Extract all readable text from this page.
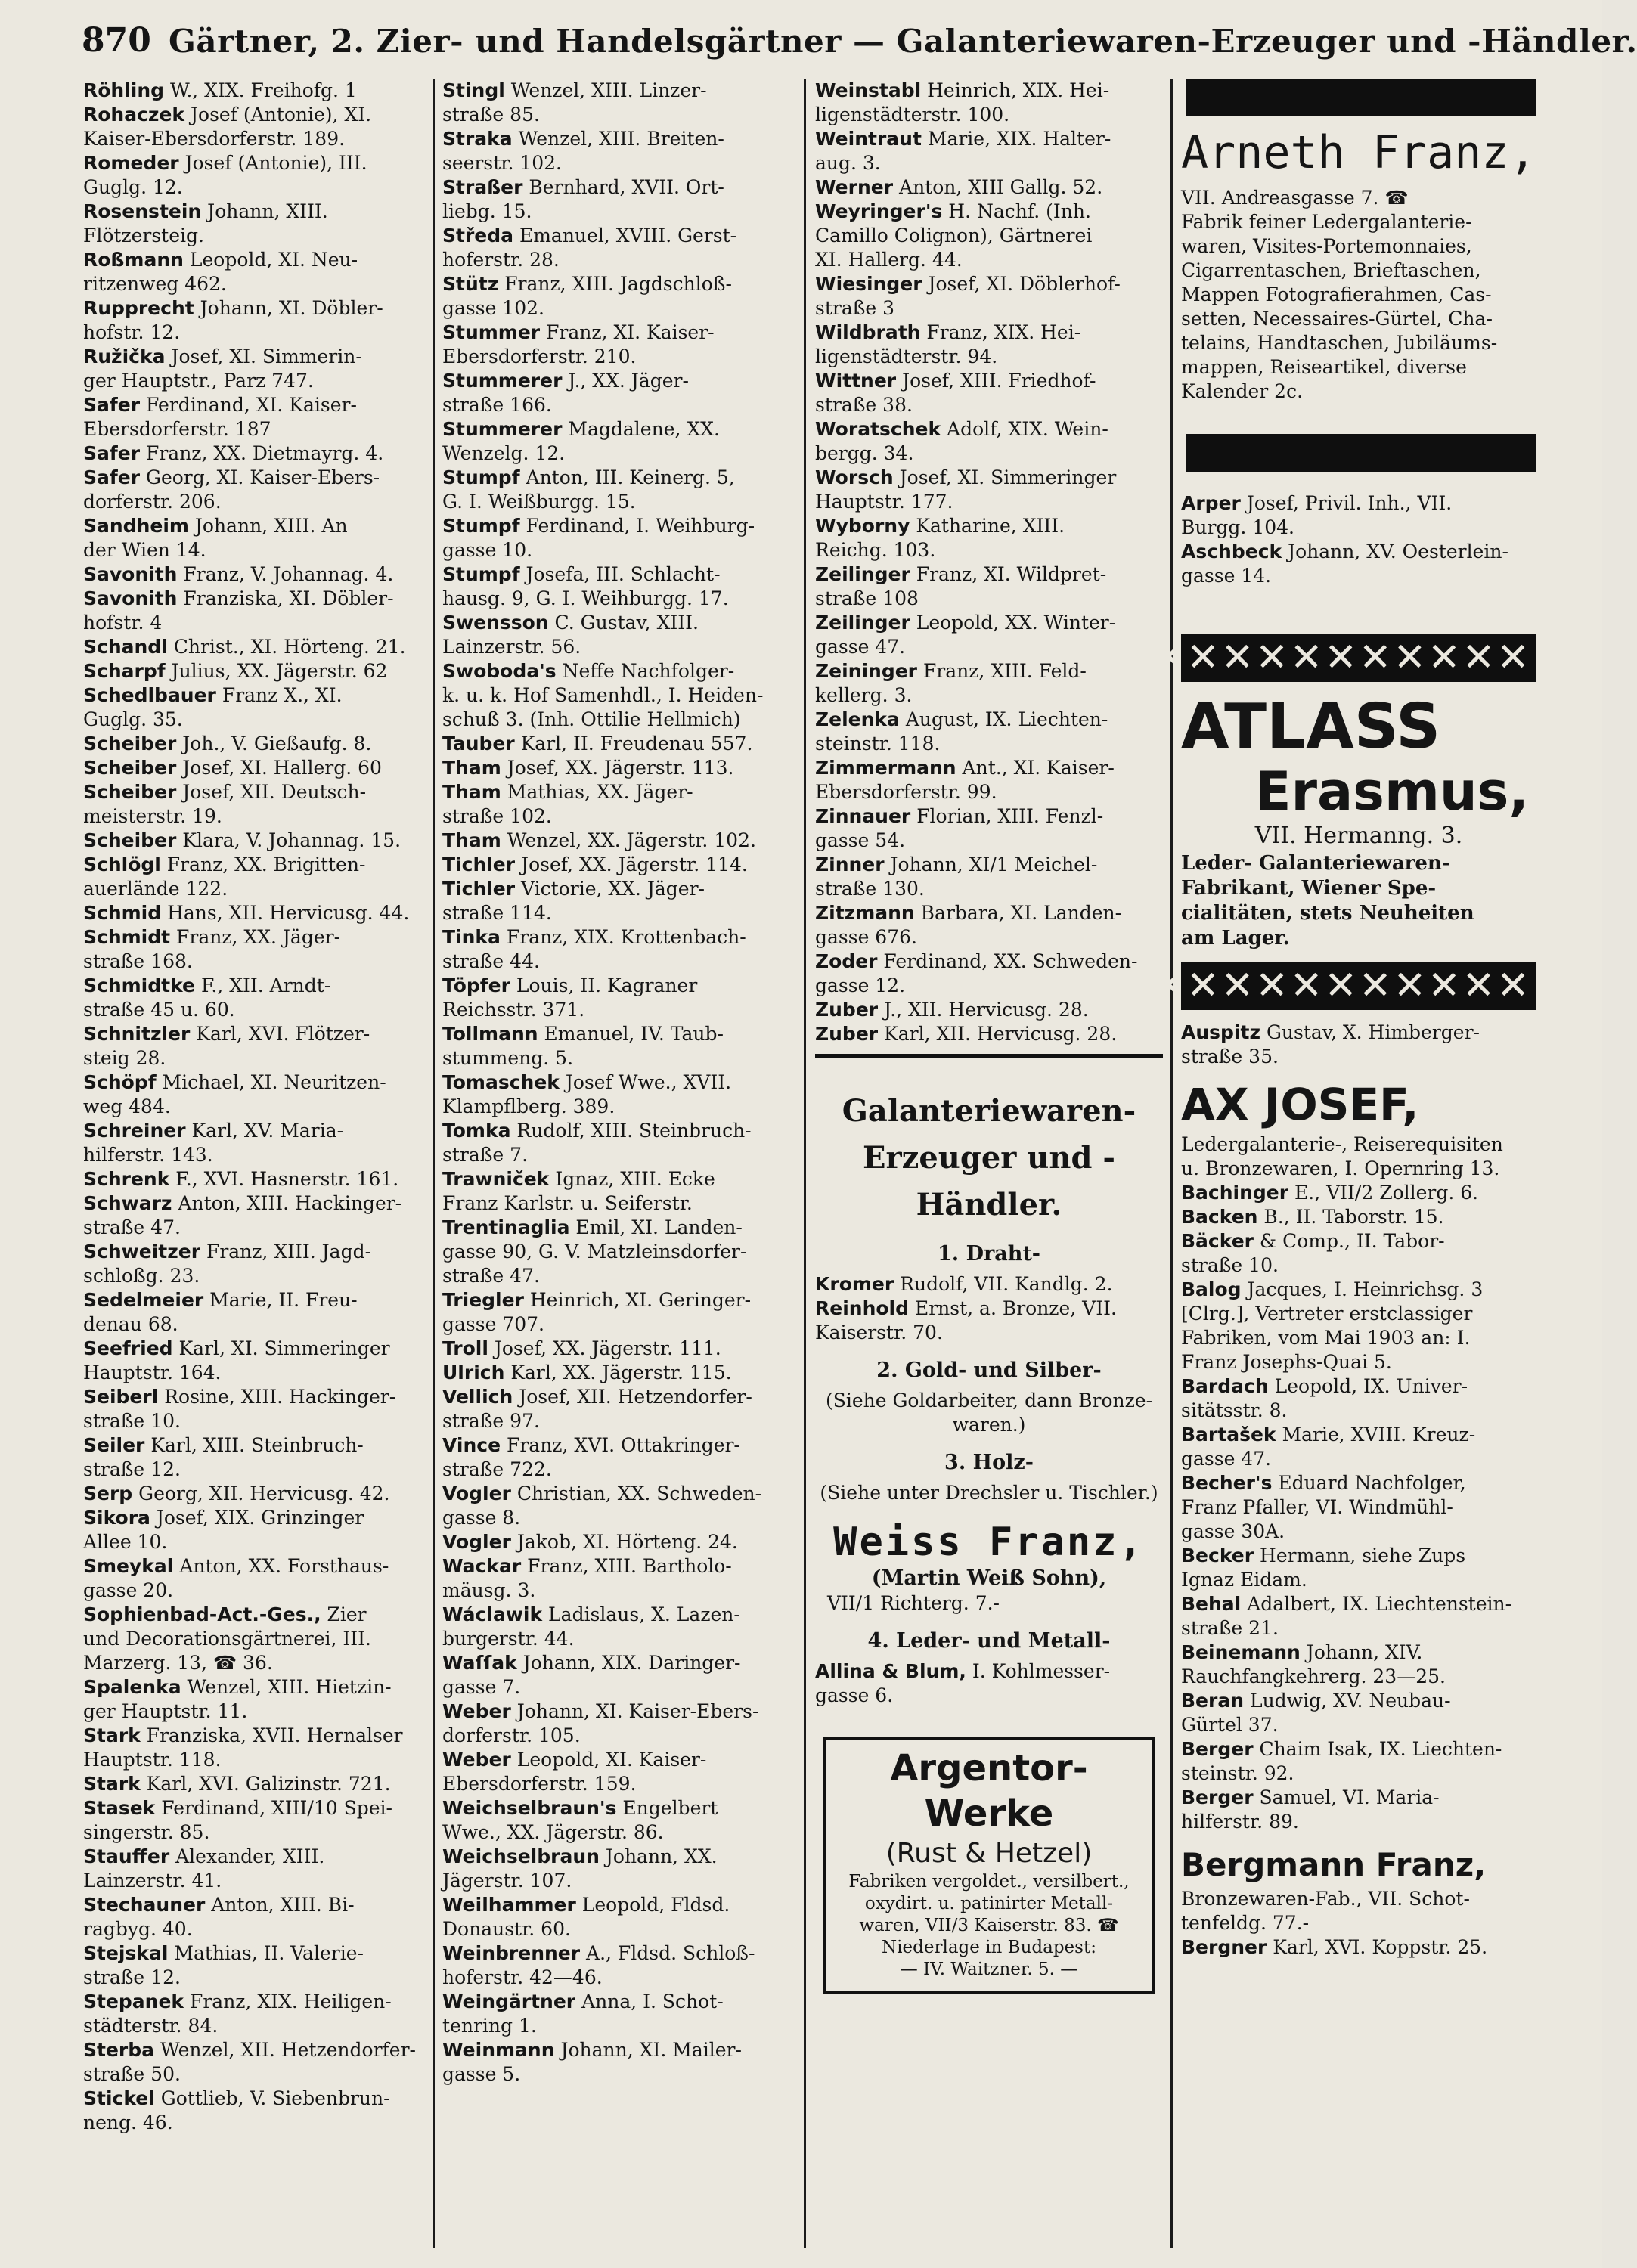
870 Gärtner, 2. Zier- und Handelsgärtner — Galanteriewaren-Erzeuger und -Händler.
Röhling W., XIX. Freihofg. 1
Rohaczek Josef (Antonie), XI.
Kaiser-Ebersdorferstr. 189.
Romeder Josef (Antonie), III.
Guglg. 12.
Rosenstein Johann, XIII.
Flötzersteig.
Roßmann Leopold, XI. Neu-
ritzenweg 462.
Rupprecht Johann, XI. Döbler-
hofstr. 12.
Ružička Josef, XI. Simmerin-
ger Hauptstr., Parz 747.
Safer Ferdinand, XI. Kaiser-
Ebersdorferstr. 187
Safer Franz, XX. Dietmayrg. 4.
Safer Georg, XI. Kaiser-Ebers-
dorferstr. 206.
Sandheim Johann, XIII. An
der Wien 14.
Savonith Franz, V. Johannag. 4.
Savonith Franziska, XI. Döbler-
hofstr. 4
Schandl Christ., XI. Hörteng. 21.
Scharpf Julius, XX. Jägerstr. 62
Schedlbauer Franz X., XI.
Guglg. 35.
Scheiber Joh., V. Gießaufg. 8.
Scheiber Josef, XI. Hallerg. 60
Scheiber Josef, XII. Deutsch-
meisterstr. 19.
Scheiber Klara, V. Johannag. 15.
Schlögl Franz, XX. Brigitten-
auerlände 122.
Schmid Hans, XII. Hervicusg. 44.
Schmidt Franz, XX. Jäger-
straße 168.
Schmidtke F., XII. Arndt-
straße 45 u. 60.
Schnitzler Karl, XVI. Flötzer-
steig 28.
Schöpf Michael, XI. Neuritzen-
weg 484.
Schreiner Karl, XV. Maria-
hilferstr. 143.
Schrenk F., XVI. Hasnerstr. 161.
Schwarz Anton, XIII. Hackinger-
straße 47.
Schweitzer Franz, XIII. Jagd-
schloßg. 23.
Sedelmeier Marie, II. Freu-
denau 68.
Seefried Karl, XI. Simmeringer
Hauptstr. 164.
Seiberl Rosine, XIII. Hackinger-
straße 10.
Seiler Karl, XIII. Steinbruch-
straße 12.
Serp Georg, XII. Hervicusg. 42.
Sikora Josef, XIX. Grinzinger
Allee 10.
Smeykal Anton, XX. Forsthaus-
gasse 20.
Sophienbad-Act.-Ges., Zier
und Decorationsgärtnerei, III.
Marzerg. 13, ☎ 36.
Spalenka Wenzel, XIII. Hietzin-
ger Hauptstr. 11.
Stark Franziska, XVII. Hernalser
Hauptstr. 118.
Stark Karl, XVI. Galizinstr. 721.
Stasek Ferdinand, XIII/10 Spei-
singerstr. 85.
Stauffer Alexander, XIII.
Lainzerstr. 41.
Stechauner Anton, XIII. Bi-
ragbyg. 40.
Stejskal Mathias, II. Valerie-
straße 12.
Stepanek Franz, XIX. Heiligen-
städterstr. 84.
Sterba Wenzel, XII. Hetzendorfer-
straße 50.
Stickel Gottlieb, V. Siebenbrun-
neng. 46.
Stingl Wenzel, XIII. Linzer-
straße 85.
Straka Wenzel, XIII. Breiten-
seerstr. 102.
Straßer Bernhard, XVII. Ort-
liebg. 15.
Středa Emanuel, XVIII. Gerst-
hoferstr. 28.
Stütz Franz, XIII. Jagdschloß-
gasse 102.
Stummer Franz, XI. Kaiser-
Ebersdorferstr. 210.
Stummerer J., XX. Jäger-
straße 166.
Stummerer Magdalene, XX.
Wenzelg. 12.
Stumpf Anton, III. Keinerg. 5,
G. I. Weißburgg. 15.
Stumpf Ferdinand, I. Weihburg-
gasse 10.
Stumpf Josefa, III. Schlacht-
hausg. 9, G. I. Weihburgg. 17.
Swensson C. Gustav, XIII.
Lainzerstr. 56.
Swoboda's Neffe Nachfolger-
k. u. k. Hof Samenhdl., I. Heiden-
schuß 3. (Inh. Ottilie Hellmich)
Tauber Karl, II. Freudenau 557.
Tham Josef, XX. Jägerstr. 113.
Tham Mathias, XX. Jäger-
straße 102.
Tham Wenzel, XX. Jägerstr. 102.
Tichler Josef, XX. Jägerstr. 114.
Tichler Victorie, XX. Jäger-
straße 114.
Tinka Franz, XIX. Krottenbach-
straße 44.
Töpfer Louis, II. Kagraner
Reichsstr. 371.
Tollmann Emanuel, IV. Taub-
stummeng. 5.
Tomaschek Josef Wwe., XVII.
Klampflberg. 389.
Tomka Rudolf, XIII. Steinbruch-
straße 7.
Trawniček Ignaz, XIII. Ecke
Franz Karlstr. u. Seiferstr.
Trentinaglia Emil, XI. Landen-
gasse 90, G. V. Matzleinsdorfer-
straße 47.
Triegler Heinrich, XI. Geringer-
gasse 707.
Troll Josef, XX. Jägerstr. 111.
Ulrich Karl, XX. Jägerstr. 115.
Vellich Josef, XII. Hetzendorfer-
straße 97.
Vince Franz, XVI. Ottakringer-
straße 722.
Vogler Christian, XX. Schweden-
gasse 8.
Vogler Jakob, XI. Hörteng. 24.
Wackar Franz, XIII. Bartholo-
mäusg. 3.
Wáclawik Ladislaus, X. Lazen-
burgerstr. 44.
Waſſak Johann, XIX. Daringer-
gasse 7.
Weber Johann, XI. Kaiser-Ebers-
dorferstr. 105.
Weber Leopold, XI. Kaiser-
Ebersdorferstr. 159.
Weichselbraun's Engelbert
Wwe., XX. Jägerstr. 86.
Weichselbraun Johann, XX.
Jägerstr. 107.
Weilhammer Leopold, Fldsd.
Donaustr. 60.
Weinbrenner A., Fldsd. Schloß-
hoferstr. 42—46.
Weingärtner Anna, I. Schot-
tenring 1.
Weinmann Johann, XI. Mailer-
gasse 5.
Weinstabl Heinrich, XIX. Hei-
ligenstädterstr. 100.
Weintraut Marie, XIX. Halter-
aug. 3.
Werner Anton, XIII Gallg. 52.
Weyringer's H. Nachf. (Inh.
Camillo Colignon), Gärtnerei
XI. Hallerg. 44.
Wiesinger Josef, XI. Döblerhof-
straße 3
Wildbrath Franz, XIX. Hei-
ligenstädterstr. 94.
Wittner Josef, XIII. Friedhof-
straße 38.
Woratschek Adolf, XIX. Wein-
bergg. 34.
Worsch Josef, XI. Simmeringer
Hauptstr. 177.
Wyborny Katharine, XIII.
Reichg. 103.
Zeilinger Franz, XI. Wildpret-
straße 108
Zeilinger Leopold, XX. Winter-
gasse 47.
Zeininger Franz, XIII. Feld-
kellerg. 3.
Zelenka August, IX. Liechten-
steinstr. 118.
Zimmermann Ant., XI. Kaiser-
Ebersdorferstr. 99.
Zinnauer Florian, XIII. Fenzl-
gasse 54.
Zinner Johann, XI/1 Meichel-
straße 130.
Zitzmann Barbara, XI. Landen-
gasse 676.
Zoder Ferdinand, XX. Schweden-
gasse 12.
Zuber J., XII. Hervicusg. 28.
Zuber Karl, XII. Hervicusg. 28.
Galanteriewaren-
Erzeuger und -Händler.
1. Draht-
Kromer Rudolf, VII. Kandlg. 2.
Reinhold Ernst, a. Bronze, VII.
Kaiserstr. 70.
2. Gold- und Silber-
(Siehe Goldarbeiter, dann Bronze-
waren.)
3. Holz-
(Siehe unter Drechsler u. Tischler.)
Weiss Franz,
(Martin Weiß Sohn),
VII/1 Richterg. 7.-
4. Leder- und Metall-
Allina & Blum, I. Kohlmesser-
gasse 6.
Argentor-Werke
(Rust & Hetzel)
Fabriken vergoldet., versilbert.,
oxydirt. u. patinirter Metall-
waren, VII/3 Kaiserstr. 83. ☎
Niederlage in Budapest:
— IV. Waitzner. 5. —
Arneth Franz,
VII. Andreasgasse 7. ☎
Fabrik feiner Ledergalanterie-
waren, Visites-Portemonnaies,
Cigarrentaschen, Brieftaschen,
Mappen Fotografierahmen, Cas-
setten, Necessaires-Gürtel, Cha-
telains, Handtaschen, Jubiläums-
mappen, Reiseartikel, diverse
Kalender 2c.
Arper Josef, Privil. Inh., VII.
Burgg. 104.
Aschbeck Johann, XV. Oesterlein-
gasse 14.
✕✕✕✕✕✕✕✕✕✕✕✕
ATLASS
Erasmus,
VII. Hermanng. 3.
Leder- Galanteriewaren-
Fabrikant, Wiener Spe-
cialitäten, stets Neuheiten
am Lager.
✕✕✕✕✕✕✕✕✕✕✕✕
Auspitz Gustav, X. Himberger-
straße 35.
AX JOSEF,
Ledergalanterie-, Reiserequisiten
u. Bronzewaren, I. Opernring 13.
Bachinger E., VII/2 Zollerg. 6.
Backen B., II. Taborstr. 15.
Bäcker & Comp., II. Tabor-
straße 10.
Balog Jacques, I. Heinrichsg. 3
[Clrg.], Vertreter erstclassiger
Fabriken, vom Mai 1903 an: I.
Franz Josephs-Quai 5.
Bardach Leopold, IX. Univer-
sitätsstr. 8.
Bartašek Marie, XVIII. Kreuz-
gasse 47.
Becher's Eduard Nachfolger,
Franz Pfaller, VI. Windmühl-
gasse 30A.
Becker Hermann, siehe Zups
Ignaz Eidam.
Behal Adalbert, IX. Liechtenstein-
straße 21.
Beinemann Johann, XIV.
Rauchfangkehrerg. 23—25.
Beran Ludwig, XV. Neubau-
Gürtel 37.
Berger Chaim Isak, IX. Liechten-
steinstr. 92.
Berger Samuel, VI. Maria-
hilferstr. 89.
Bergmann Franz,
Bronzewaren-Fab., VII. Schot-
tenfeldg. 77.-
Bergner Karl, XVI. Koppstr. 25.
